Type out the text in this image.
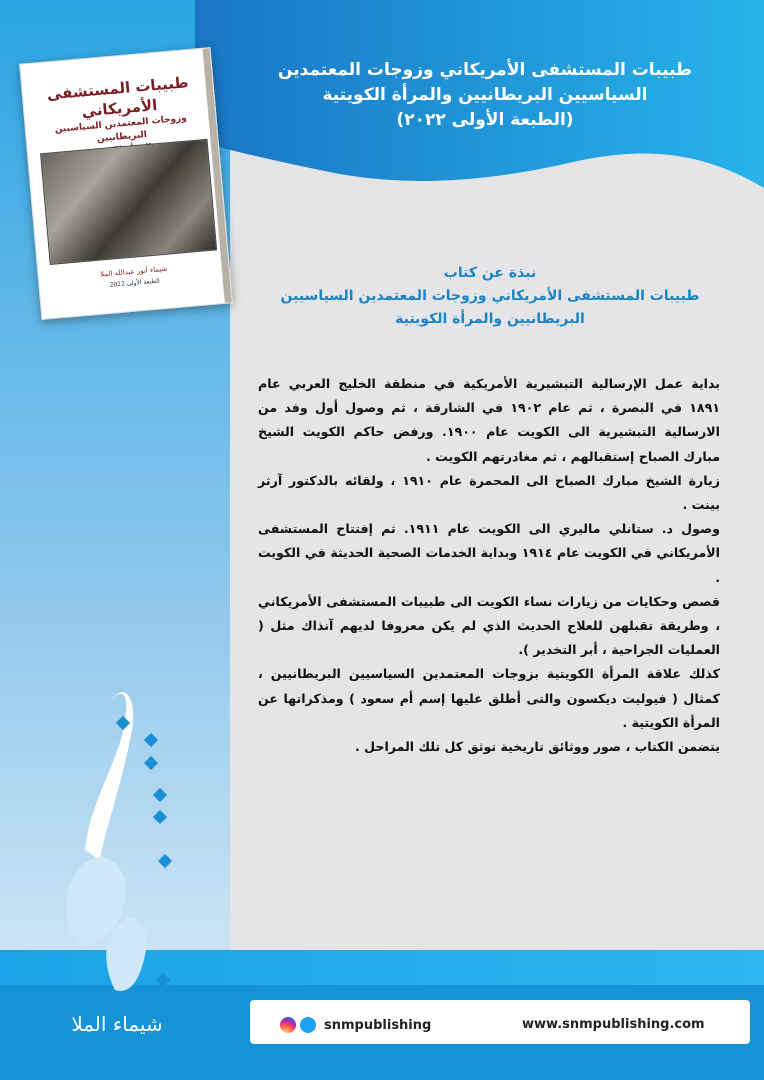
طبيبات المستشفى الأمريكاني وزوجات المعتمدين
السياسيين البريطانيين والمرأة الكويتية
(الطبعة الأولى ٢٠٢٢)
طبيبات المستشفى الأمريكاني
وزوجات المعتمدين السياسيين البريطانيين
شيماء أنور عبدالله الملا
الطبعة الأولى 2022
نبذة عن كتاب
طبيبات المستشفى الأمريكاني وزوجات المعتمدين السياسيين
البريطانيين والمرأة الكويتية

بداية عمل الإرسالية التبشيرية الأمريكية في منطقة الخليج العربي عام ١٨٩١ في البصرة ، ثم عام ١٩٠٢ في الشارقة ، ثم وصول أول وفد من الارسالية التبشيرية الى الكويت عام ١٩٠٠. ورفض حاكم الكويت الشيخ مبارك الصباح إستقبالهم ، ثم مغادرتهم الكويت .

زيارة الشيخ مبارك الصباح الى المحمرة عام ١٩١٠ ، ولقائه بالدكتور آرثر بينت .

وصول د. ستانلي ماليري الى الكويت عام ١٩١١. ثم إفتتاح المستشفى الأمريكاني في الكويت عام ١٩١٤ وبداية الخدمات الصحية الحديثة في الكويت .

قصص وحكايات من زيارات نساء الكويت الى طبيبات المستشفى الأمريكاني ، وطريقة تقبلهن للعلاج الحديث الذي لم يكن معروفا لديهم آنذاك مثل ( العمليات الجراحية ، أبر التخدير ).

كذلك علاقة المرأة الكويتية بزوجات المعتمدين السياسيين البريطانيين ، كمثال ( فيوليت ديكسون والتى أطلق عليها إسم أم سعود ) ومذكراتها عن المرأة الكويتية .

يتضمن الكتاب ، صور ووثائق تاريخية توثق كل تلك المراحل .

snmpublishing	www.snmpublishing.com
شيماء الملا
